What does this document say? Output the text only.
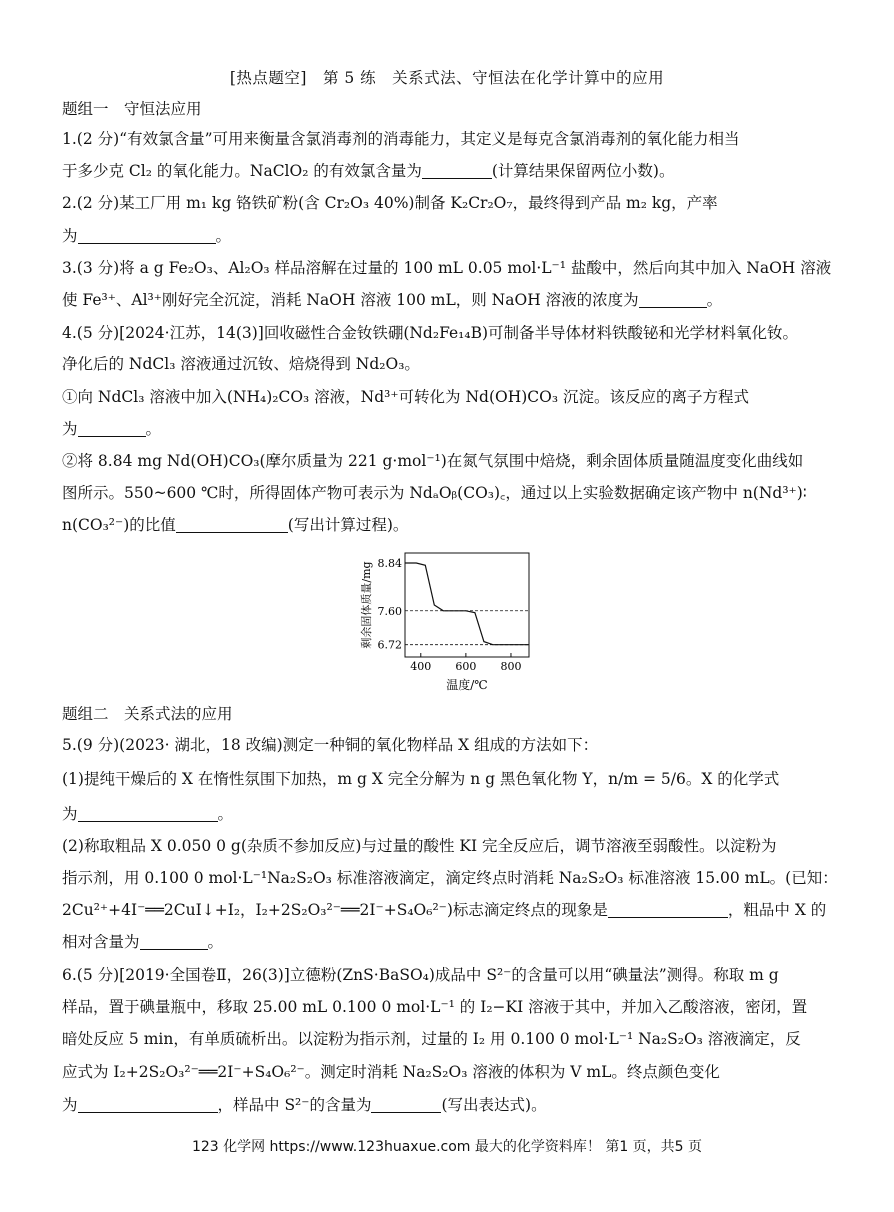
[热点题空]　第 5 练　关系式法、守恒法在化学计算中的应用
题组一　守恒法应用
1.(2 分)“有效氯含量”可用来衡量含氯消毒剂的消毒能力，其定义是每克含氯消毒剂的氧化能力相当
于多少克 Cl₂ 的氧化能力。NaClO₂ 的有效氯含量为	(计算结果保留两位小数)。
2.(2 分)某工厂用 m₁ kg 铬铁矿粉(含 Cr₂O₃ 40%)制备 K₂Cr₂O₇，最终得到产品 m₂ kg，产率
为	。
3.(3 分)将 a g Fe₂O₃、Al₂O₃ 样品溶解在过量的 100 mL 0.05 mol·L⁻¹ 盐酸中，然后向其中加入 NaOH 溶液
使 Fe³⁺、Al³⁺刚好完全沉淀，消耗 NaOH 溶液 100 mL，则 NaOH 溶液的浓度为	。
4.(5 分)[2024·江苏，14(3)]回收磁性合金钕铁硼(Nd₂Fe₁₄B)可制备半导体材料铁酸铋和光学材料氧化钕。
净化后的 NdCl₃ 溶液通过沉钕、焙烧得到 Nd₂O₃。
①向 NdCl₃ 溶液中加入(NH₄)₂CO₃ 溶液，Nd³⁺可转化为 Nd(OH)CO₃ 沉淀。该反应的离子方程式
为	。
②将 8.84 mg Nd(OH)CO₃(摩尔质量为 221 g·mol⁻¹)在氮气氛围中焙烧，剩余固体质量随温度变化曲线如
图所示。550~600 ℃时，所得固体产物可表示为 NdₐOᵦ(CO₃)꜀，通过以上实验数据确定该产物中 n(Nd³⁺)∶
n(CO₃²⁻)的比值	(写出计算过程)。
400 600 800
8.84
7.60
6.72
温度/℃
剩余固体质量/mg
题组二　关系式法的应用
5.(9 分)(2023· 湖北，18 改编)测定一种铜的氧化物样品 X 组成的方法如下：
(1)提纯干燥后的 X 在惰性氛围下加热，m g X 完全分解为 n g 黑色氧化物 Y，n/m = 5/6。X 的化学式
为	。
(2)称取粗品 X 0.050 0 g(杂质不参加反应)与过量的酸性 KI 完全反应后，调节溶液至弱酸性。以淀粉为
指示剂，用 0.100 0 mol·L⁻¹Na₂S₂O₃ 标准溶液滴定，滴定终点时消耗 Na₂S₂O₃ 标准溶液 15.00 mL。(已知：
2Cu²⁺+4I⁻══2CuI↓+I₂，I₂+2S₂O₃²⁻══2I⁻+S₄O₆²⁻)标志滴定终点的现象是	，粗品中 X 的
相对含量为	。
6.(5 分)[2019·全国卷Ⅱ，26(3)]立德粉(ZnS·BaSO₄)成品中 S²⁻的含量可以用“碘量法”测得。称取 m g
样品，置于碘量瓶中，移取 25.00 mL 0.100 0 mol·L⁻¹ 的 I₂−KI 溶液于其中，并加入乙酸溶液，密闭，置
暗处反应 5 min，有单质硫析出。以淀粉为指示剂，过量的 I₂ 用 0.100 0 mol·L⁻¹ Na₂S₂O₃ 溶液滴定，反
应式为 I₂+2S₂O₃²⁻══2I⁻+S₄O₆²⁻。测定时消耗 Na₂S₂O₃ 溶液的体积为 V mL。终点颜色变化
为	，样品中 S²⁻的含量为	(写出表达式)。
123 化学网 https://www.123huaxue.com 最大的化学资料库！ 第1 页，共5 页
